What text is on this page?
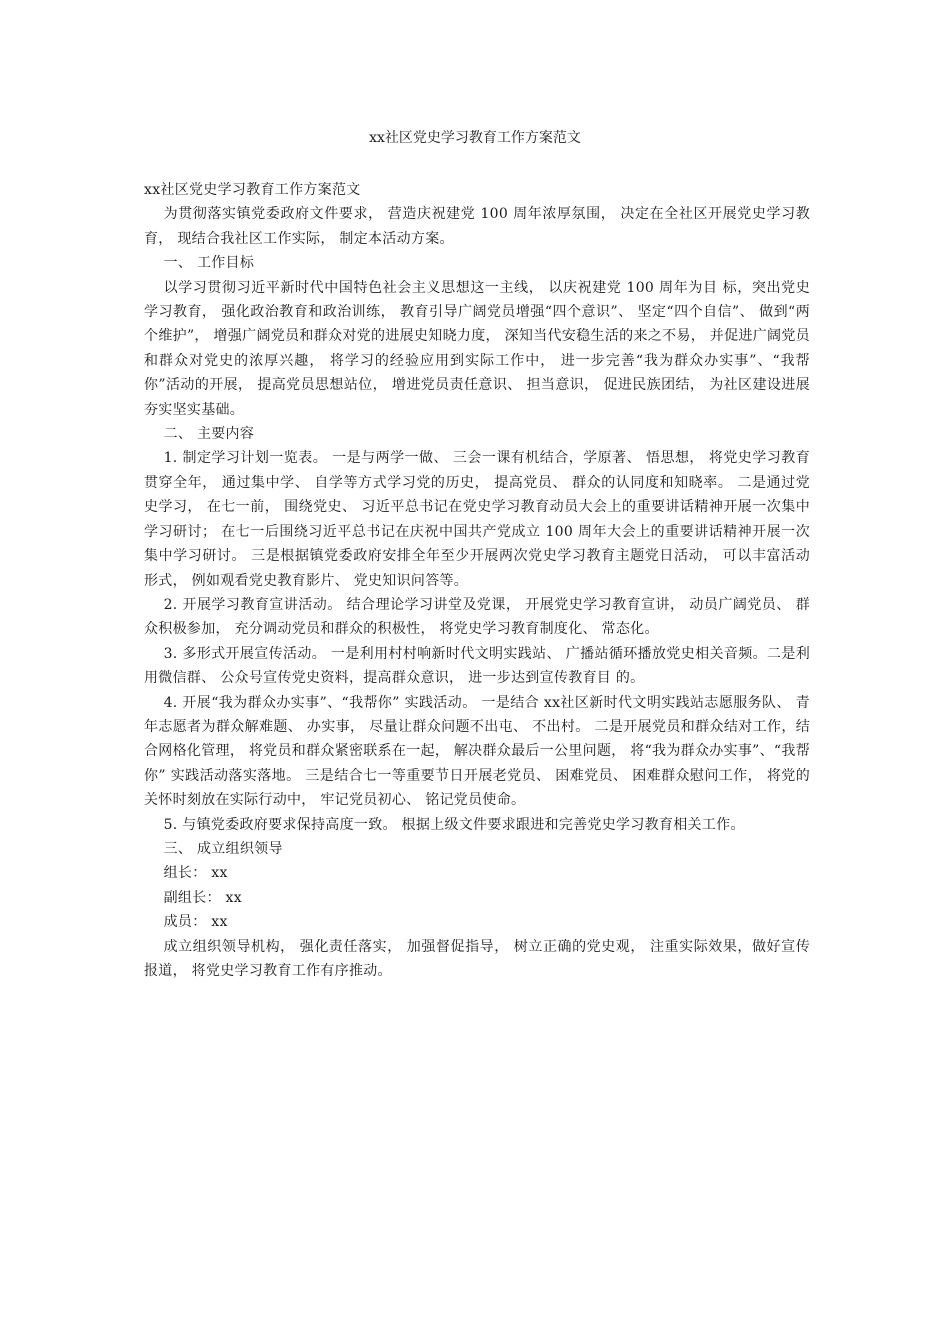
xx社区党史学习教育工作方案范文

xx社区党史学习教育工作方案范文

为贯彻落实镇党委政府文件要求， 营造庆祝建党 100 周年浓厚氛围， 决定在全社区开展党史学习教育， 现结合我社区工作实际， 制定本活动方案。

一、 工作目标

以学习贯彻习近平新时代中国特色社会主义思想这一主线， 以庆祝建党 100 周年为目 标，突出党史学习教育， 强化政治教育和政治训练， 教育引导广阔党员增强“四个意识”、 坚定“四个自信”、 做到“两个维护”， 增强广阔党员和群众对党的进展史知晓力度， 深知当代安稳生活的来之不易， 并促进广阔党员和群众对党史的浓厚兴趣， 将学习的经验应用到实际工作中， 进一步完善“我为群众办实事”、“我帮你”活动的开展， 提高党员思想站位， 增进党员责任意识、 担当意识， 促进民族团结， 为社区建设进展夯实坚实基础。

二、 主要内容

1. 制定学习计划一览表。 一是与两学一做、 三会一课有机结合，学原著、 悟思想， 将党史学习教育贯穿全年， 通过集中学、 自学等方式学习党的历史， 提高党员、 群众的认同度和知晓率。 二是通过党史学习， 在七一前， 围绕党史、 习近平总书记在党史学习教育动员大会上的重要讲话精神开展一次集中学习研讨； 在七一后围绕习近平总书记在庆祝中国共产党成立 100 周年大会上的重要讲话精神开展一次集中学习研讨。 三是根据镇党委政府安排全年至少开展两次党史学习教育主题党日活动， 可以丰富活动形式， 例如观看党史教育影片、 党史知识问答等。

2. 开展学习教育宣讲活动。 结合理论学习讲堂及党课， 开展党史学习教育宣讲， 动员广阔党员、 群众积极参加， 充分调动党员和群众的积极性， 将党史学习教育制度化、 常态化。

3. 多形式开展宣传活动。 一是利用村村响新时代文明实践站、 广播站循环播放党史相关音频。二是利用微信群、 公众号宣传党史资料，提高群众意识， 进一步达到宣传教育目 的。

4. 开展“我为群众办实事”、“我帮你” 实践活动。 一是结合 xx社区新时代文明实践站志愿服务队、 青年志愿者为群众解难题、 办实事， 尽量让群众问题不出屯、 不出村。 二是开展党员和群众结对工作，结合网格化管理， 将党员和群众紧密联系在一起， 解决群众最后一公里问题， 将“我为群众办实事”、“我帮你” 实践活动落实落地。 三是结合七一等重要节日开展老党员、 困难党员、 困难群众慰问工作， 将党的关怀时刻放在实际行动中， 牢记党员初心、 铭记党员使命。

5. 与镇党委政府要求保持高度一致。 根据上级文件要求跟进和完善党史学习教育相关工作。

三、 成立组织领导

组长： xx

副组长： xx

成员： xx

成立组织领导机构， 强化责任落实， 加强督促指导， 树立正确的党史观， 注重实际效果，做好宣传报道， 将党史学习教育工作有序推动。
